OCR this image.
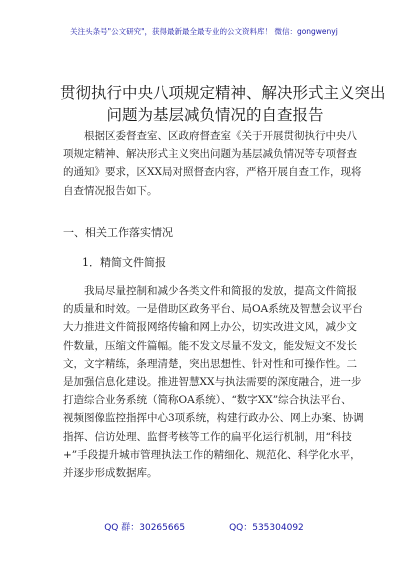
关注头条号"公文研究"，获得最新最全最专业的公文资料库！ 微信：gongwenyj
贯彻执行中央八项规定精神、解决形式主义突出
问题为基层减负情况的自查报告
根据区委督查室、区政府督查室《关于开展贯彻执行中央八
项规定精神、解决形式主义突出问题为基层减负情况等专项督查
的通知》要求，区XX局对照督查内容，严格开展自查工作，现将
自查情况报告如下。
一、相关工作落实情况
1．精简文件简报
我局尽量控制和减少各类文件和简报的发放，提高文件简报
的质量和时效。一是借助区政务平台、局OA系统及智慧会议平台
大力推进文件简报网络传输和网上办公，切实改进文风，减少文
件数量，压缩文件篇幅。能不发文尽量不发文，能发短文不发长
文，文字精练，条理清楚，突出思想性、针对性和可操作性。二
是加强信息化建设。推进智慧XX与执法需要的深度融合，进一步
打造综合业务系统（简称OA系统）、“数字XX”综合执法平台、
视频图像监控指挥中心3项系统，构建行政办公、网上办案、协调
指挥、信访处理、监督考核等工作的扁平化运行机制，用“科技
+”手段提升城市管理执法工作的精细化、规范化、科学化水平，
并逐步形成数据库。
QQ 群：30265665	QQ：535304092
